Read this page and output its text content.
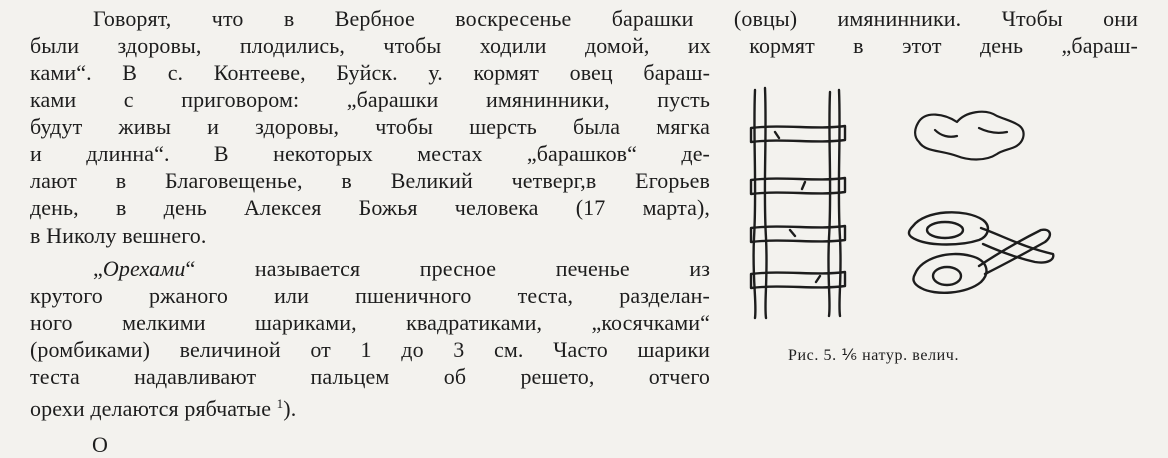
Говорят, что в Вербное воскресенье барашки (овцы) имянинники. Чтобы они
были здоровы, плодились, чтобы ходили домой, их кормят в этот день „бараш-
ками“. В с. Контееве, Буйск. у. кормят овец бараш-
ками с приговором: „барашки имянинники, пусть
будут живы и здоровы, чтобы шерсть была мягка
и длинна“. В некоторых местах „барашков“ де-
лают в Благовещенье, в Великий четверг,в Егорьев
день, в день Алексея Божья человека (17 марта),
в Николу вешнего.
„Орехами“ называется пресное печенье из
крутого ржаного или пшеничного теста, разделан-
ного мелкими шариками, квадратиками, „косячками“
(ромбиками) величиной от 1 до 3 см. Часто шарики
теста надавливают пальцем об решето, отчего
орехи делаются рябчатые $^1$).
Рис. 5. ⅙ натур. велич.
О
